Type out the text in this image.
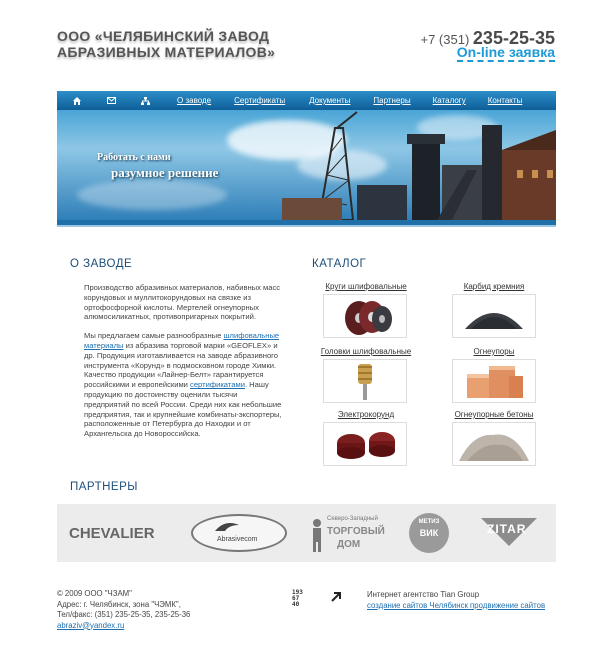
ООО «ЧЕЛЯБИНСКИЙ ЗАВОД
АБРАЗИВНЫХ МАТЕРИАЛОВ»
+7 (351) 235-25-35
On-line заявка
О заводе	Сертификаты	Документы	Партнеры	Каталогу	Контакты
Работать с нами
разумное решение
О ЗАВОДЕ

Производство абразивных материалов, набивных масс корундовых и муллитокорундовых на связке из ортофосфорной кислоты. Мертелей огнеупорных алюмосиликатных, противопригарных покрытий.

Мы предлагаем самые разнообразные шлифовальные материалы из абразива торговой марки «GEOFLEX» и др. Продукция изготавливается на заводе абразивного инструмента «Корунд» в подмосковном городе Химки. Качество продукции «Лайнер-Белт» гарантируется российскими и европейскими сертификатами. Нашу продукцию по достоинству оценили тысячи предприятий по всей России. Среди них как небольшие предприятия, так и крупнейшие комбинаты-экспортеры, расположенные от Петербурга до Находки и от Архангельска до Новороссийска.

КАТАЛОГ
Круги шлифовальные	Карбид кремния
Головки шлифовальные	Огнеупоры
Электрокорунд	Огнеупорные бетоны
ПАРТНЕРЫ
CHEVALIER	Abrasivecom
Северо-Западный
ТОРГОВЫЙ
ДОМ
МЕТИЗ
ВИК	ZITAR
© 2009 ООО "ЧЗАМ"
Адрес: г. Челябинск, зона "ЧЭМК",
Тел/факс: (351) 235-25-35, 235-25-36
abraziv@yandex.ru
193
67
40
Интернет агентство Tian Group
создание сайтов Челябинск продвижение сайтов
